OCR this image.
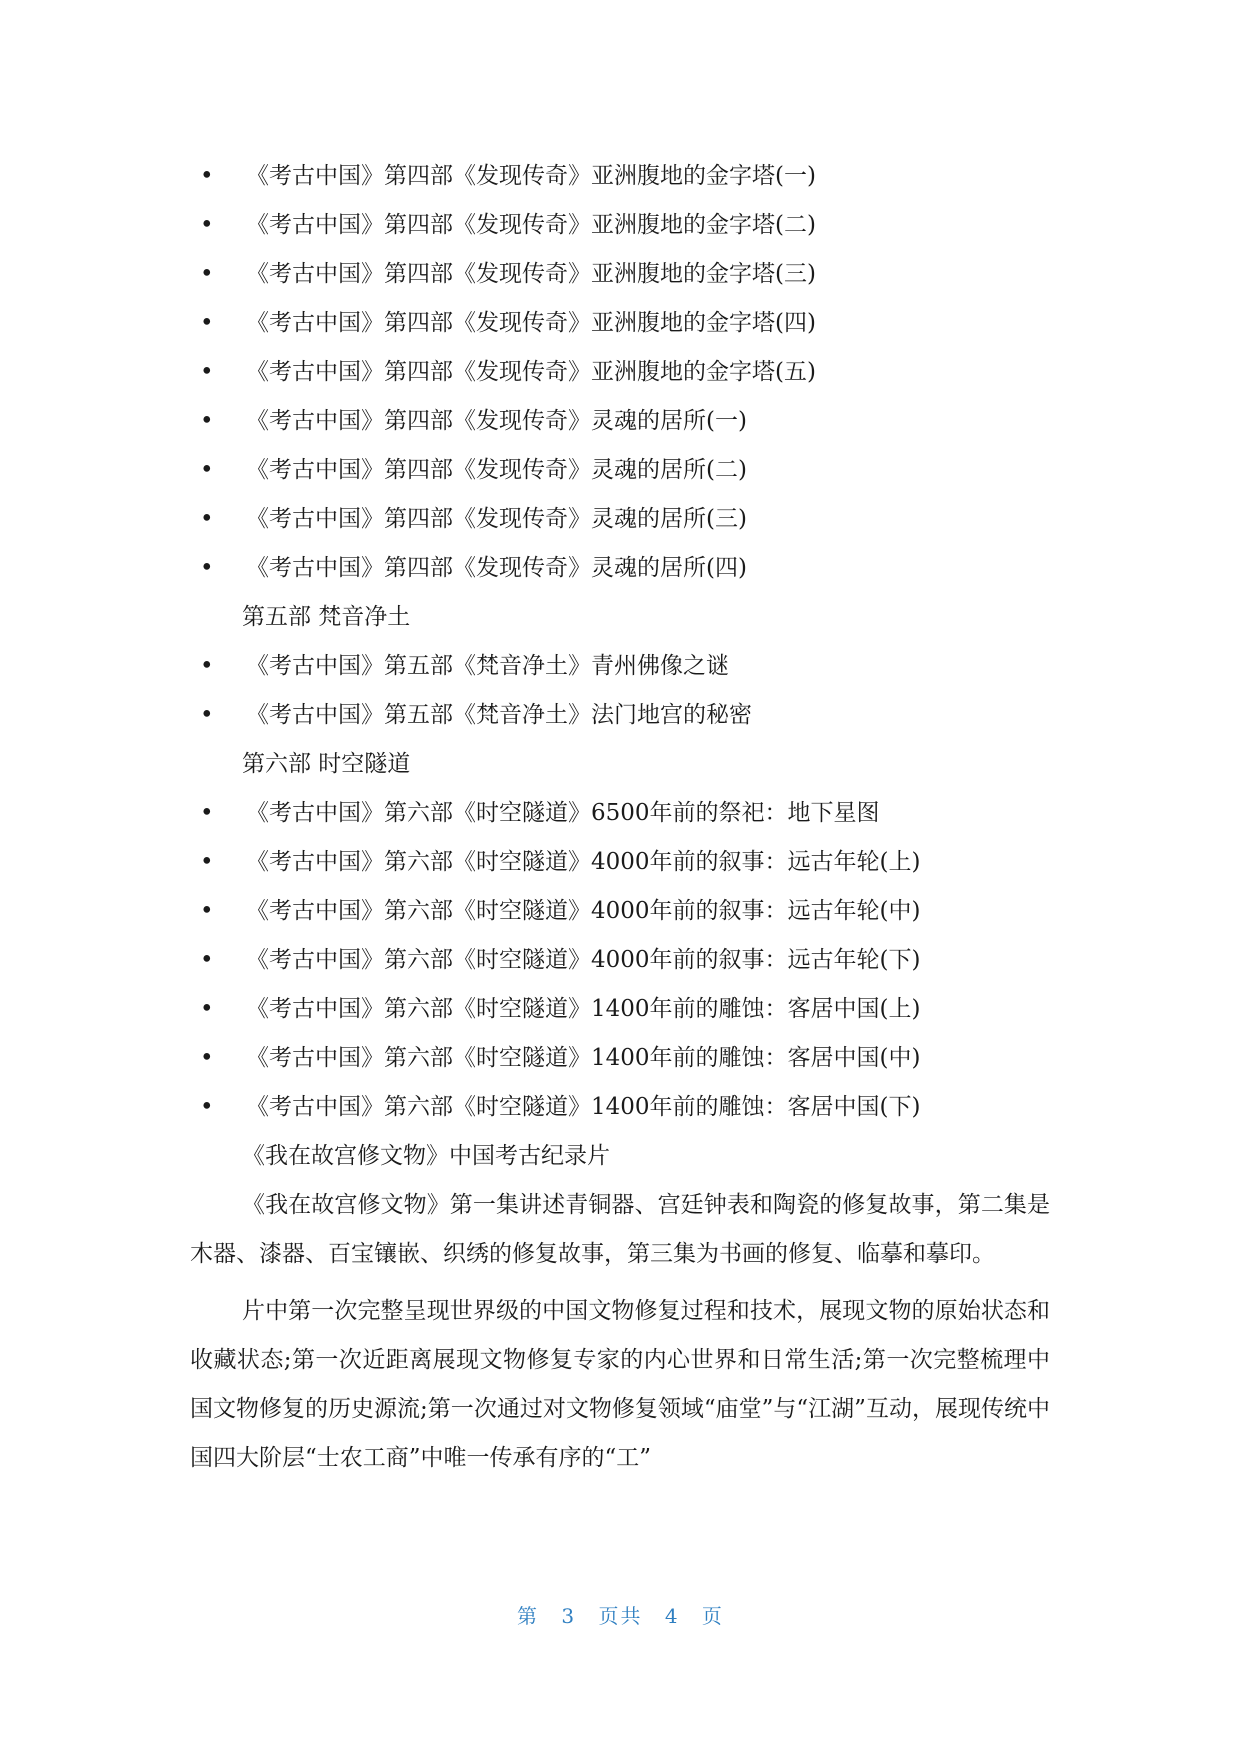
• 《考古中国》第四部《发现传奇》亚洲腹地的金字塔(一)
• 《考古中国》第四部《发现传奇》亚洲腹地的金字塔(二)
• 《考古中国》第四部《发现传奇》亚洲腹地的金字塔(三)
• 《考古中国》第四部《发现传奇》亚洲腹地的金字塔(四)
• 《考古中国》第四部《发现传奇》亚洲腹地的金字塔(五)
• 《考古中国》第四部《发现传奇》灵魂的居所(一)
• 《考古中国》第四部《发现传奇》灵魂的居所(二)
• 《考古中国》第四部《发现传奇》灵魂的居所(三)
• 《考古中国》第四部《发现传奇》灵魂的居所(四)
第五部 梵音净土
• 《考古中国》第五部《梵音净土》青州佛像之谜
• 《考古中国》第五部《梵音净土》法门地宫的秘密
第六部 时空隧道
• 《考古中国》第六部《时空隧道》6500年前的祭祀：地下星图
• 《考古中国》第六部《时空隧道》4000年前的叙事：远古年轮(上)
• 《考古中国》第六部《时空隧道》4000年前的叙事：远古年轮(中)
• 《考古中国》第六部《时空隧道》4000年前的叙事：远古年轮(下)
• 《考古中国》第六部《时空隧道》1400年前的雕蚀：客居中国(上)
• 《考古中国》第六部《时空隧道》1400年前的雕蚀：客居中国(中)
• 《考古中国》第六部《时空隧道》1400年前的雕蚀：客居中国(下)
《我在故宫修文物》中国考古纪录片

《我在故宫修文物》第一集讲述青铜器、宫廷钟表和陶瓷的修复故事，第二集是木器、漆器、百宝镶嵌、织绣的修复故事，第三集为书画的修复、临摹和摹印。

片中第一次完整呈现世界级的中国文物修复过程和技术，展现文物的原始状态和收藏状态;第一次近距离展现文物修复专家的内心世界和日常生活;第一次完整梳理中国文物修复的历史源流;第一次通过对文物修复领域“庙堂”与“江湖”互动，展现传统中国四大阶层“士农工商”中唯一传承有序的“工”

第 3 页共 4 页
